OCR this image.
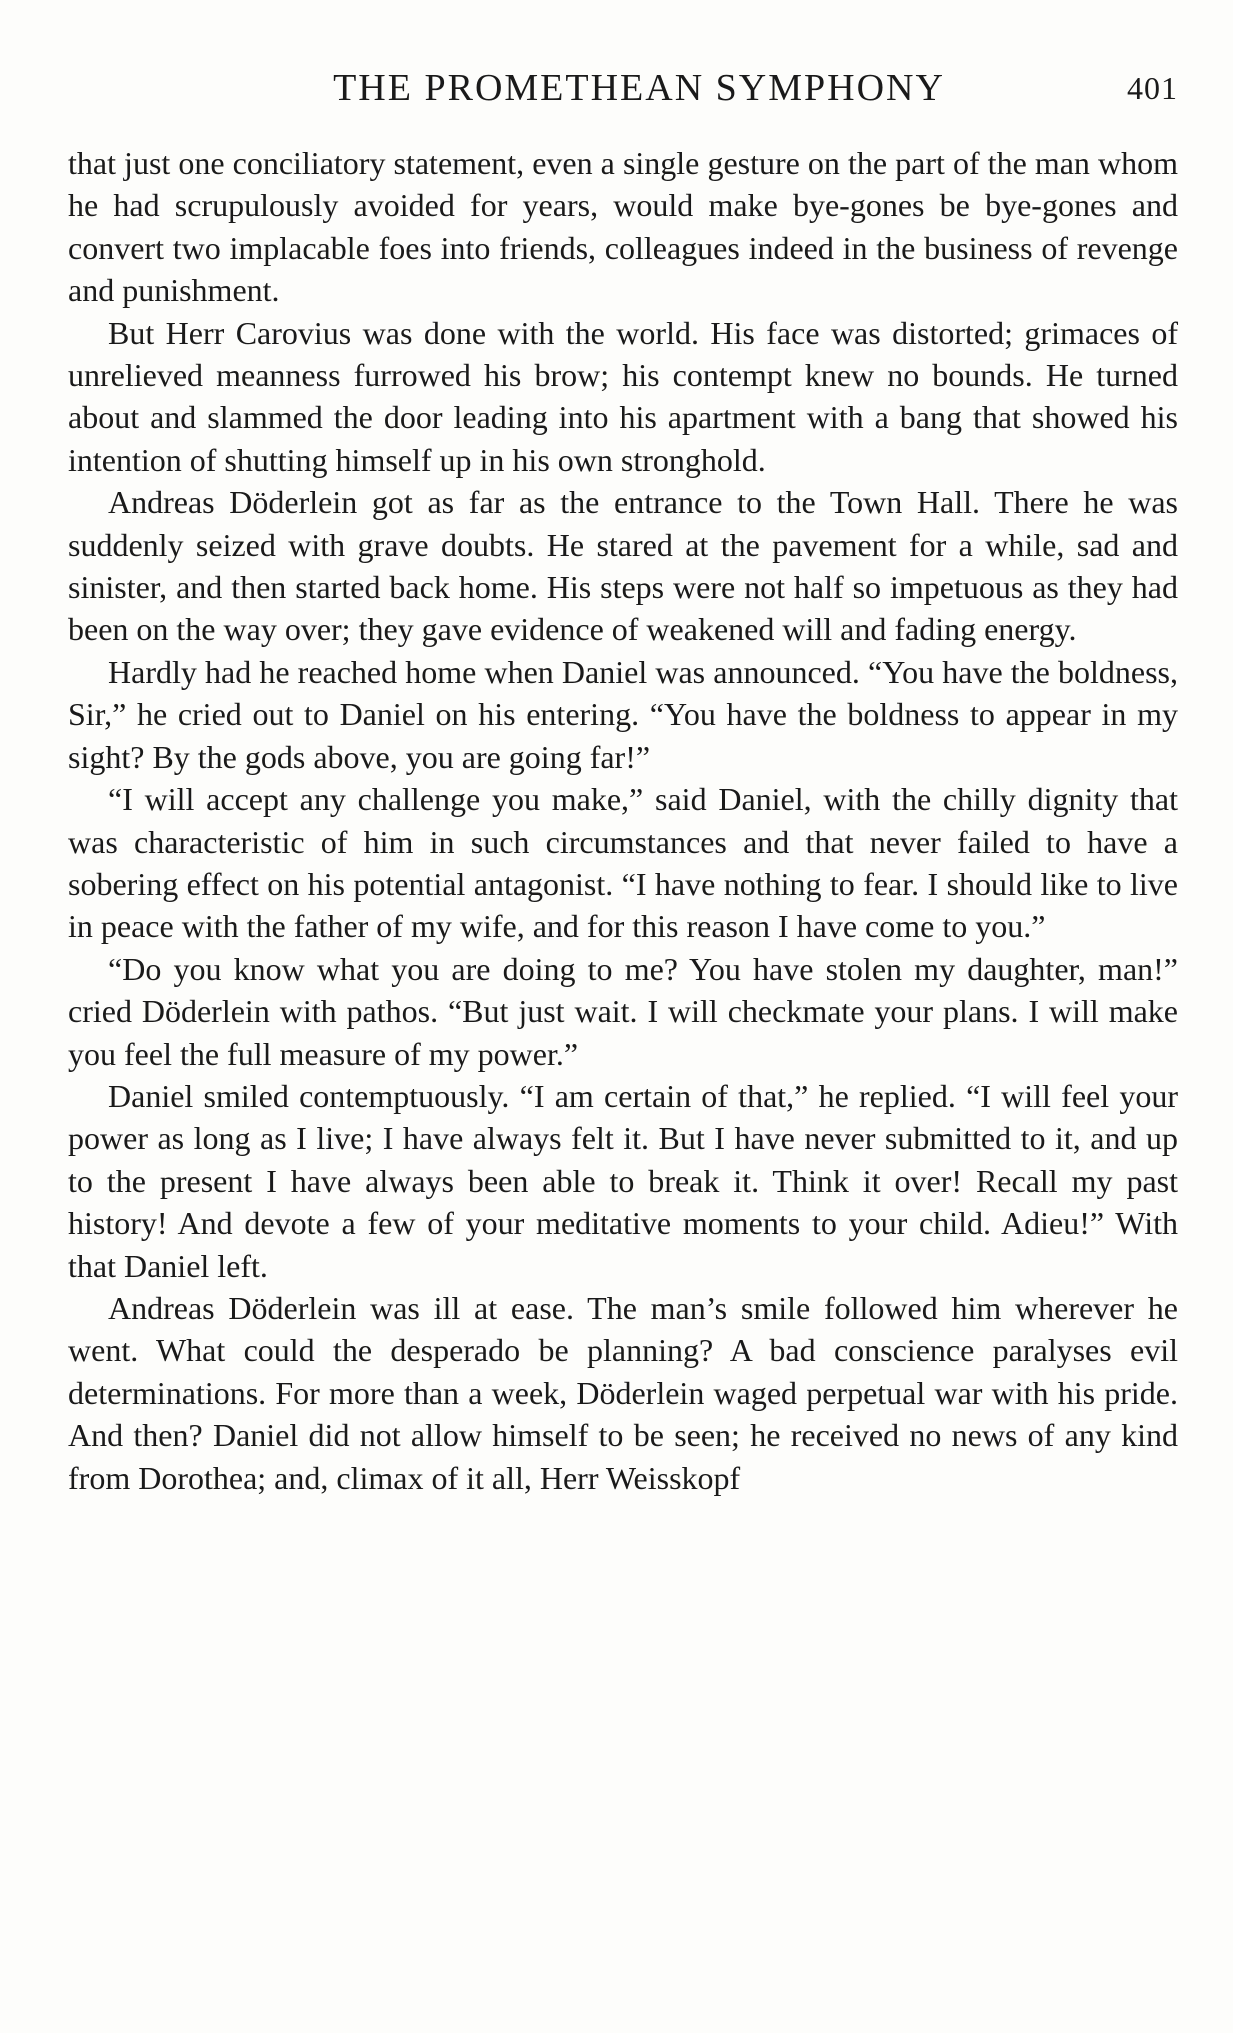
THE PROMETHEAN SYMPHONY	401

that just one conciliatory statement, even a single gesture on the part of the man whom he had scrupulously avoided for years, would make bye-gones be bye-gones and convert two implacable foes into friends, colleagues indeed in the business of revenge and punishment.

But Herr Carovius was done with the world. His face was distorted; grimaces of unrelieved meanness furrowed his brow; his contempt knew no bounds. He turned about and slammed the door leading into his apartment with a bang that showed his intention of shutting himself up in his own stronghold.

Andreas Döderlein got as far as the entrance to the Town Hall. There he was suddenly seized with grave doubts. He stared at the pavement for a while, sad and sinister, and then started back home. His steps were not half so impetuous as they had been on the way over; they gave evidence of weakened will and fading energy.

Hardly had he reached home when Daniel was announced. “You have the boldness, Sir,” he cried out to Daniel on his entering. “You have the boldness to appear in my sight? By the gods above, you are going far!”

“I will accept any challenge you make,” said Daniel, with the chilly dignity that was characteristic of him in such circumstances and that never failed to have a sobering effect on his potential antagonist. “I have nothing to fear. I should like to live in peace with the father of my wife, and for this reason I have come to you.”

“Do you know what you are doing to me? You have stolen my daughter, man!” cried Döderlein with pathos. “But just wait. I will checkmate your plans. I will make you feel the full measure of my power.”

Daniel smiled contemptuously. “I am certain of that,” he replied. “I will feel your power as long as I live; I have always felt it. But I have never submitted to it, and up to the present I have always been able to break it. Think it over! Recall my past history! And devote a few of your meditative moments to your child. Adieu!” With that Daniel left.

Andreas Döderlein was ill at ease. The man’s smile followed him wherever he went. What could the desperado be planning? A bad conscience paralyses evil determinations. For more than a week, Döderlein waged perpetual war with his pride. And then? Daniel did not allow himself to be seen; he received no news of any kind from Dorothea; and, climax of it all, Herr Weisskopf
